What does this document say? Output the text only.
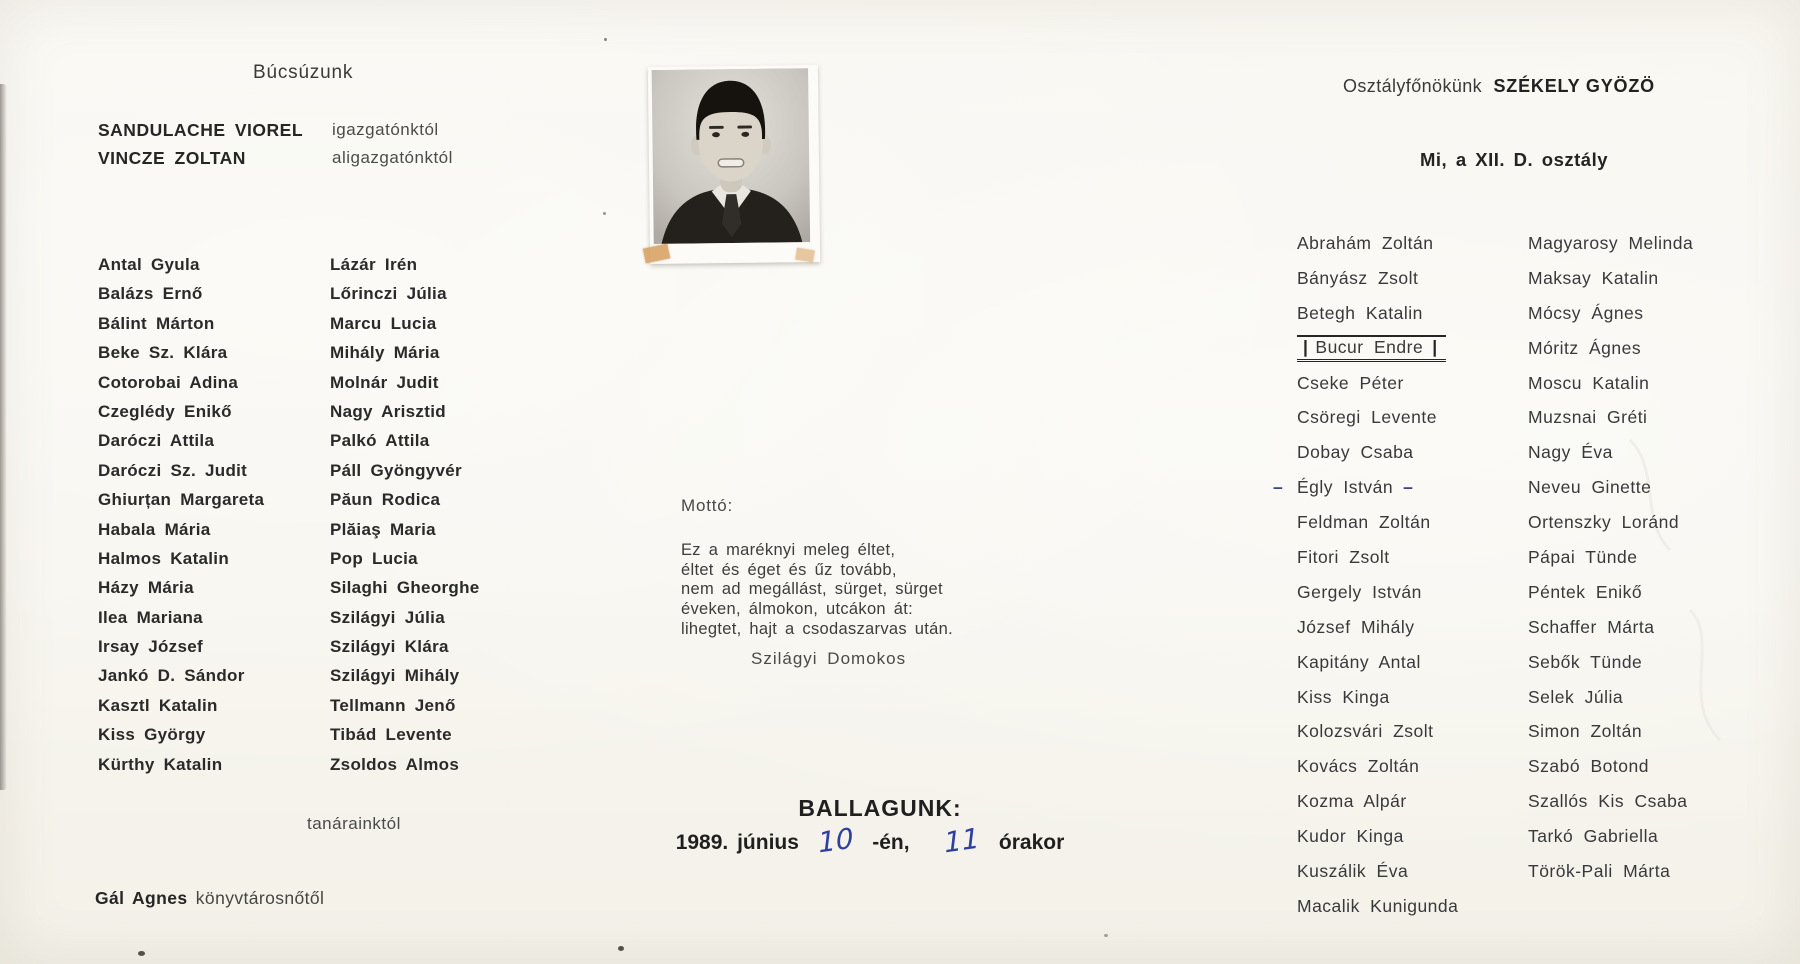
Búcsúzunk
SANDULACHE VIOREL	igazgatónktól
VINCZE ZOLTAN	aligazgatónktól
Antal Gyula
Balázs Ernő
Bálint Márton
Beke Sz. Klára
Cotorobai Adina
Czeglédy Enikő
Daróczi Attila
Daróczi Sz. Judit
Ghiurțan Margareta
Habala Mária
Halmos Katalin
Házy Mária
Ilea Mariana
Irsay József
Jankó D. Sándor
Kasztl Katalin
Kiss György
Kürthy Katalin
Lázár Irén
Lőrinczi Júlia
Marcu Lucia
Mihály Mária
Molnár Judit
Nagy Arisztid
Palkó Attila
Páll Gyöngyvér
Păun Rodica
Plăiaş Maria
Pop Lucia
Silaghi Gheorghe
Szilágyi Júlia
Szilágyi Klára
Szilágyi Mihály
Tellmann Jenő
Tibád Levente
Zsoldos Almos
tanárainktól
Gál Agnes könyvtárosnőtől
Mottó:
Ez a maréknyi meleg éltet,
éltet és éget és űz tovább,
nem ad megállást, sürget, sürget
éveken, álmokon, utcákon át:
lihegtet, hajt a csodaszarvas után.
Szilágyi Domokos
BALLAGUNK:
1989. június 10 -én, 11 órakor
Osztályfőnökünk SZÉKELY GYÖZÖ
Mi, a XII. D. osztály
Abrahám Zoltán
Bányász Zsolt
Betegh Katalin
| Bucur Endre |
Cseke Péter
Csöregi Levente
Dobay Csaba
– Égly István –
Feldman Zoltán
Fitori Zsolt
Gergely István
József Mihály
Kapitány Antal
Kiss Kinga
Kolozsvári Zsolt
Kovács Zoltán
Kozma Alpár
Kudor Kinga
Kuszálik Éva
Macalik Kunigunda
Magyarosy Melinda
Maksay Katalin
Mócsy Ágnes
Móritz Ágnes
Moscu Katalin
Muzsnai Gréti
Nagy Éva
Neveu Ginette
Ortenszky Loránd
Pápai Tünde
Péntek Enikő
Schaffer Márta
Sebők Tünde
Selek Júlia
Simon Zoltán
Szabó Botond
Szallós Kis Csaba
Tarkó Gabriella
Török-Pali Márta
